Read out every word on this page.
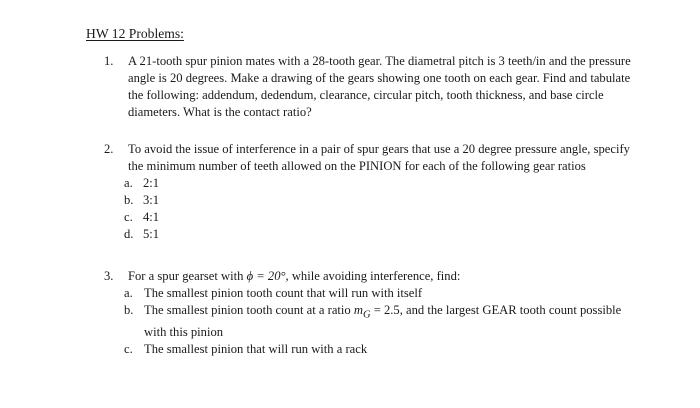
HW 12 Problems:
1.	A 21-tooth spur pinion mates with a 28-tooth gear. The diametral pitch is 3 teeth/in and the pressure angle is 20 degrees. Make a drawing of the gears showing one tooth on each gear. Find and tabulate the following: addendum, dedendum, clearance, circular pitch, tooth thickness, and base circle diameters. What is the contact ratio?
2.	To avoid the issue of interference in a pair of spur gears that use a 20 degree pressure angle, specify the minimum number of teeth allowed on the PINION for each of the following gear ratios
a. 2:1
b. 3:1
c. 4:1
d. 5:1
3.	For a spur gearset with ϕ = 20°, while avoiding interference, find:
a. The smallest pinion tooth count that will run with itself
b. The smallest pinion tooth count at a ratio $m_G = 2.5$, and the largest GEAR tooth count possible with this pinion
c. The smallest pinion that will run with a rack
